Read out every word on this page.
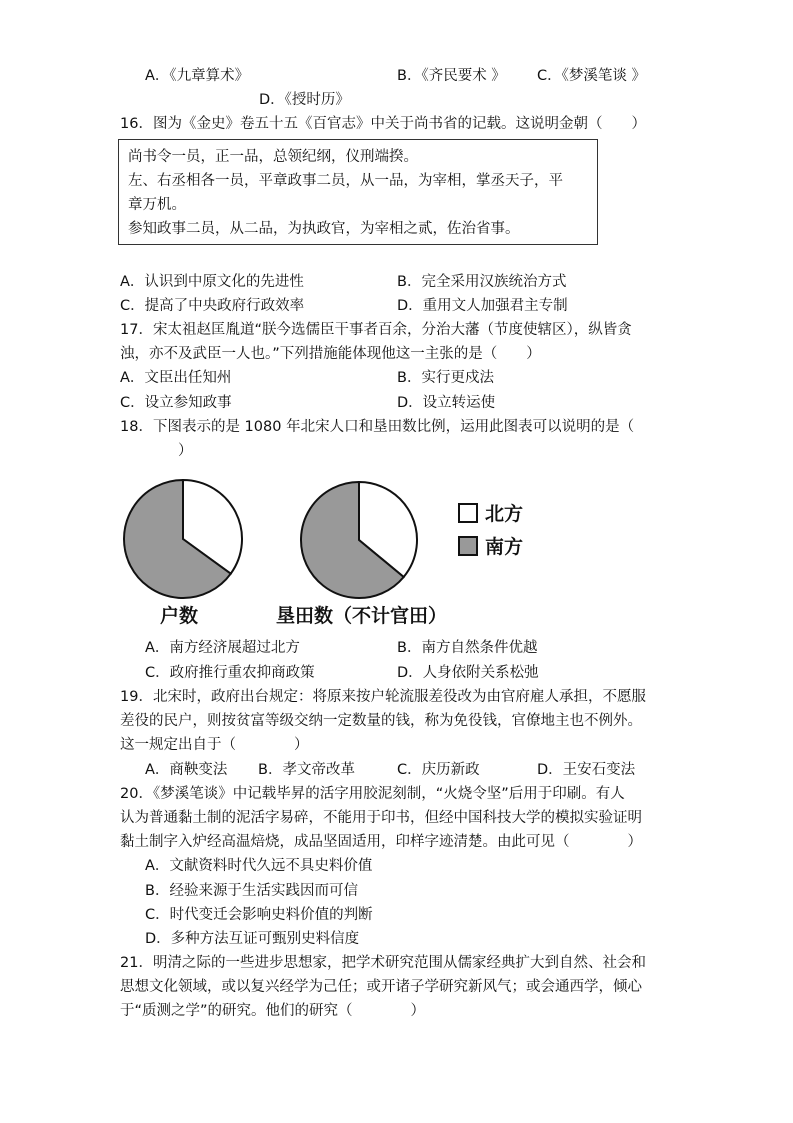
A．《九章算术》	B．《齐民要术 》 C．《梦溪笔谈 》
D．《授时历》
16．图为《金史》卷五十五《百官志》中关于尚书省的记载。这说明金朝（　　）
尚书令一员，正一品，总领纪纲，仪刑端揆。
左、右丞相各一员，平章政事二员，从一品，为宰相，掌丞天子，平
章万机。
参知政事二员，从二品，为执政官，为宰相之贰，佐治省事。
A．认识到中原文化的先进性	B．完全采用汉族统治方式
C．提高了中央政府行政效率	D．重用文人加强君主专制
17．宋太祖赵匡胤道“朕今选儒臣干事者百余，分治大藩（节度使辖区），纵皆贪
浊，亦不及武臣一人也。”下列措施能体现他这一主张的是（　　）
A．文臣出任知州	B．实行更戍法
C．设立参知政事	D．设立转运使
18．下图表示的是 1080 年北宋人口和垦田数比例，运用此图表可以说明的是（
）
北方
南方
户数	垦田数（不计官田）
A．南方经济展超过北方	B．南方自然条件优越
C．政府推行重农抑商政策	D．人身依附关系松弛
19．北宋时，政府出台规定：将原来按户轮流服差役改为由官府雇人承担，不愿服
差役的民户，则按贫富等级交纳一定数量的钱，称为免役钱，官僚地主也不例外。
这一规定出自于（　　　　）
A．商鞅变法 B．孝文帝改革	C．庆历新政	D．王安石变法
20．《梦溪笔谈》中记载毕昇的活字用胶泥刻制，“火烧令坚”后用于印刷。有人
认为普通黏土制的泥活字易碎，不能用于印书，但经中国科技大学的模拟实验证明
黏土制字入炉经高温焙烧，成品坚固适用，印样字迹清楚。由此可见（　　　　）
A．文献资料时代久远不具史料价值
B．经验来源于生活实践因而可信
C．时代变迁会影响史料价值的判断
D．多种方法互证可甄别史料信度
21．明清之际的一些进步思想家，把学术研究范围从儒家经典扩大到自然、社会和
思想文化领域，或以复兴经学为己任；或开诸子学研究新风气；或会通西学，倾心
于“质测之学”的研究。他们的研究（　　　　）
